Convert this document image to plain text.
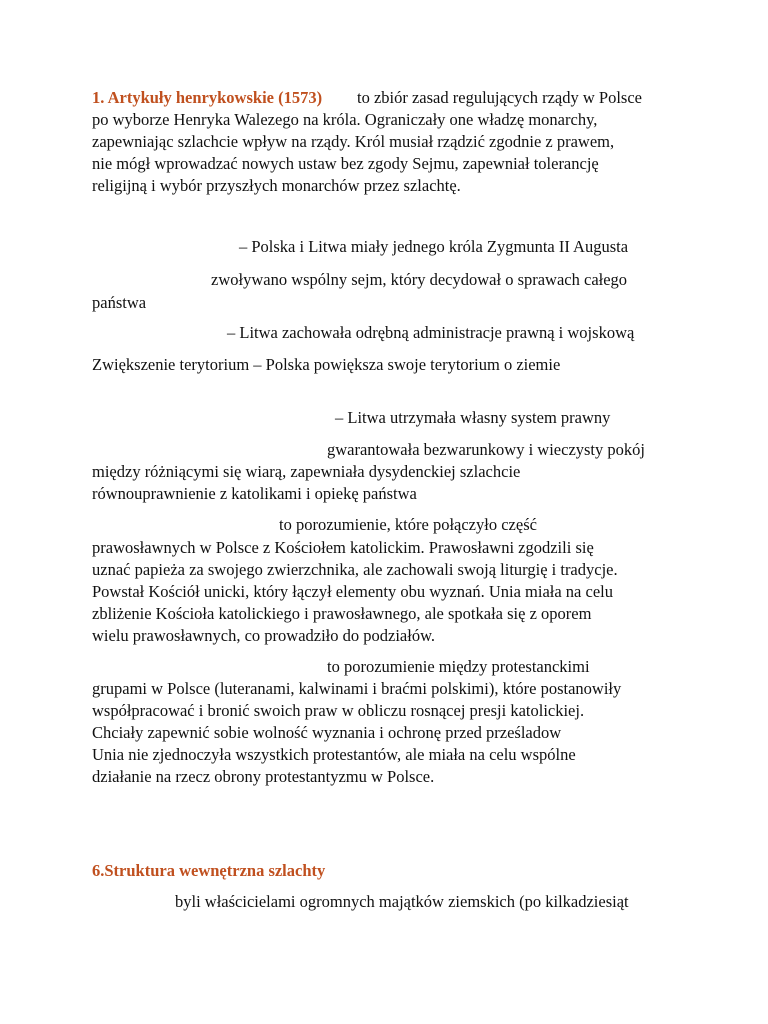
1. Artykuły henrykowskie (1573) to zbiór zasad regulujących rządy w Polsce
po wyborze Henryka Walezego na króla. Ograniczały one władzę monarchy,
zapewniając szlachcie wpływ na rządy. Król musiał rządzić zgodnie z prawem,
nie mógł wprowadzać nowych ustaw bez zgody Sejmu, zapewniał tolerancję
religijną i wybór przyszłych monarchów przez szlachtę.
– Polska i Litwa miały jednego króla Zygmunta II Augusta
zwoływano wspólny sejm, który decydował o sprawach całego
państwa
– Litwa zachowała odrębną administracje prawną i wojskową
Zwiększenie terytorium – Polska powiększa swoje terytorium o ziemie
– Litwa utrzymała własny system prawny
gwarantowała bezwarunkowy i wieczysty pokój
między różniącymi się wiarą, zapewniała dysydenckiej szlachcie
równouprawnienie z katolikami i opiekę państwa
to porozumienie, które połączyło część
prawosławnych w Polsce z Kościołem katolickim. Prawosławni zgodzili się
uznać papieża za swojego zwierzchnika, ale zachowali swoją liturgię i tradycje.
Powstał Kościół unicki, który łączył elementy obu wyznań. Unia miała na celu
zbliżenie Kościoła katolickiego i prawosławnego, ale spotkała się z oporem
wielu prawosławnych, co prowadziło do podziałów.
to porozumienie między protestanckimi
grupami w Polsce (luteranami, kalwinami i braćmi polskimi), które postanowiły
współpracować i bronić swoich praw w obliczu rosnącej presji katolickiej.
Chciały zapewnić sobie wolność wyznania i ochronę przed prześladow
Unia nie zjednoczyła wszystkich protestantów, ale miała na celu wspólne
działanie na rzecz obrony protestantyzmu w Polsce.
6.Struktura wewnętrzna szlachty
byli właścicielami ogromnych majątków ziemskich (po kilkadziesiąt
